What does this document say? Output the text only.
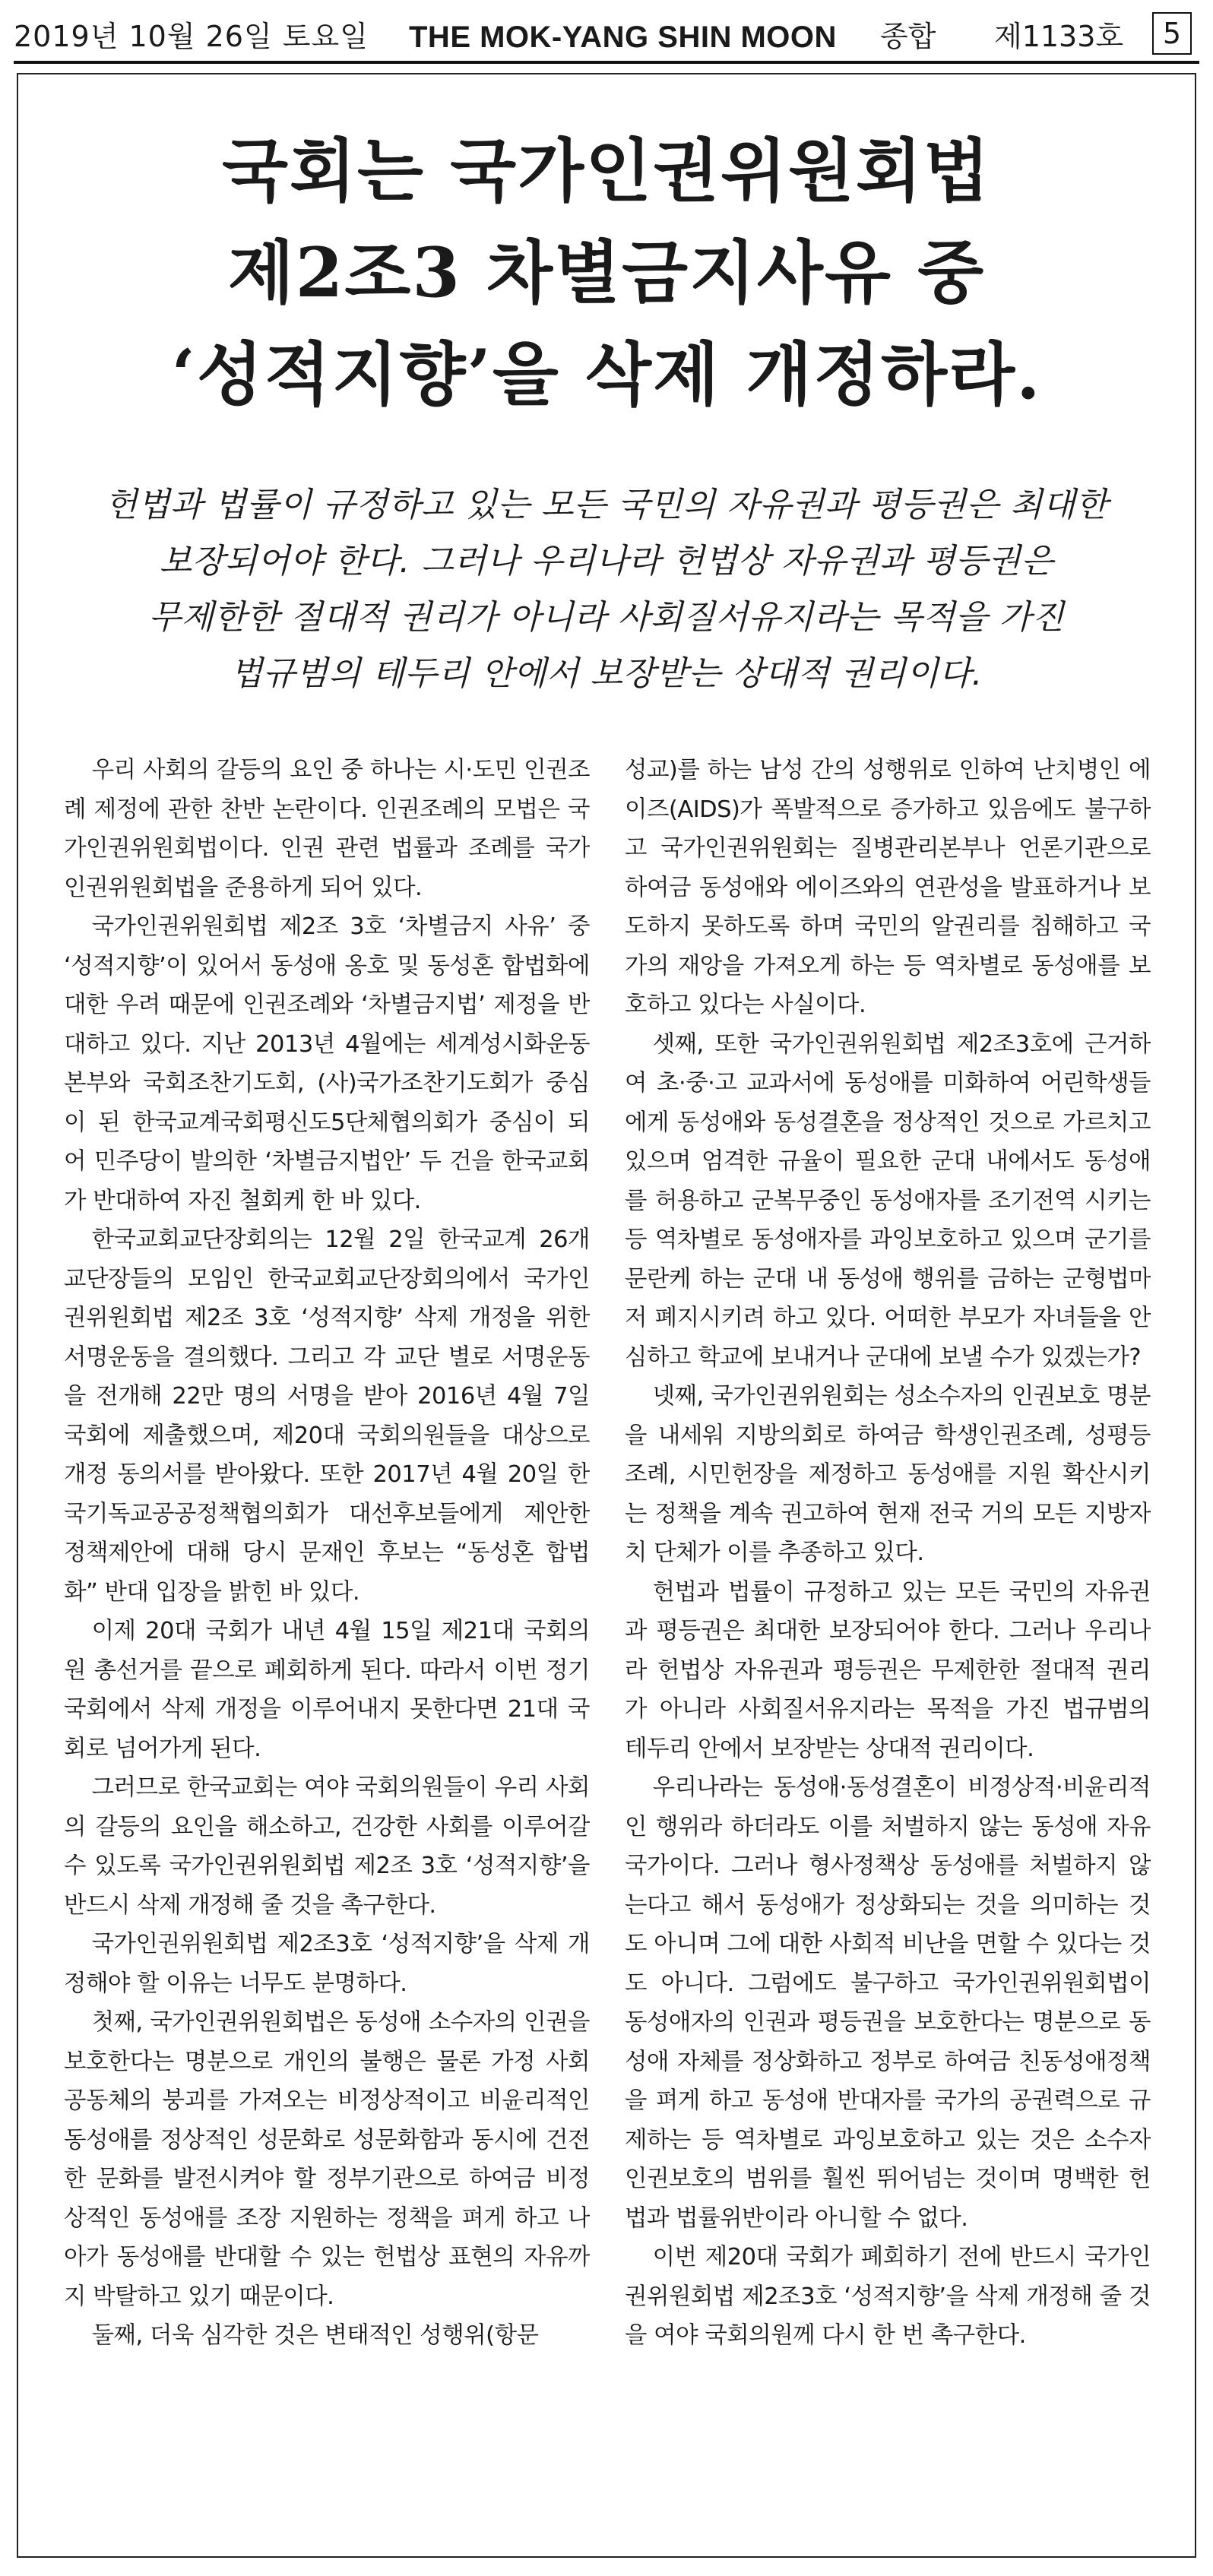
2019년 10월 26일 토요일	THE MOK-YANG SHIN MOON	종합	제1133호	5
국회는 국가인권위원회법
제2조3 차별금지사유 중
‘성적지향’을 삭제 개정하라.
헌법과 법률이 규정하고 있는 모든 국민의 자유권과 평등권은 최대한
보장되어야 한다. 그러나 우리나라 헌법상 자유권과 평등권은
무제한한 절대적 권리가 아니라 사회질서유지라는 목적을 가진
법규범의 테두리 안에서 보장받는 상대적 권리이다.

우리 사회의 갈등의 요인 중 하나는 시·도민 인권조례 제정에 관한 찬반 논란이다. 인권조례의 모법은 국가인권위원회법이다. 인권 관련 법률과 조례를 국가인권위원회법을 준용하게 되어 있다.

국가인권위원회법 제2조 3호 ‘차별금지 사유’ 중 ‘성적지향’이 있어서 동성애 옹호 및 동성혼 합법화에 대한 우려 때문에 인권조례와 ‘차별금지법’ 제정을 반대하고 있다. 지난 2013년 4월에는 세계성시화운동본부와 국회조찬기도회, (사)국가조찬기도회가 중심이 된 한국교계국회평신도5단체협의회가 중심이 되어 민주당이 발의한 ‘차별금지법안’ 두 건을 한국교회가 반대하여 자진 철회케 한 바 있다.

한국교회교단장회의는 12월 2일 한국교계 26개 교단장들의 모임인 한국교회교단장회의에서 국가인권위원회법 제2조 3호 ‘성적지향’ 삭제 개정을 위한 서명운동을 결의했다. 그리고 각 교단 별로 서명운동을 전개해 22만 명의 서명을 받아 2016년 4월 7일 국회에 제출했으며, 제20대 국회의원들을 대상으로 개정 동의서를 받아왔다. 또한 2017년 4월 20일 한국기독교공공정책협의회가 대선후보들에게 제안한 정책제안에 대해 당시 문재인 후보는 “동성혼 합법화” 반대 입장을 밝힌 바 있다.

이제 20대 국회가 내년 4월 15일 제21대 국회의원 총선거를 끝으로 폐회하게 된다. 따라서 이번 정기국회에서 삭제 개정을 이루어내지 못한다면 21대 국회로 넘어가게 된다.

그러므로 한국교회는 여야 국회의원들이 우리 사회의 갈등의 요인을 해소하고, 건강한 사회를 이루어갈 수 있도록 국가인권위원회법 제2조 3호 ‘성적지향’을 반드시 삭제 개정해 줄 것을 촉구한다.

국가인권위원회법 제2조3호 ‘성적지향’을 삭제 개정해야 할 이유는 너무도 분명하다.

첫째, 국가인권위원회법은 동성애 소수자의 인권을 보호한다는 명분으로 개인의 불행은 물론 가정 사회 공동체의 붕괴를 가져오는 비정상적이고 비윤리적인 동성애를 정상적인 성문화로 성문화함과 동시에 건전한 문화를 발전시켜야 할 정부기관으로 하여금 비정상적인 동성애를 조장 지원하는 정책을 펴게 하고 나아가 동성애를 반대할 수 있는 헌법상 표현의 자유까지 박탈하고 있기 때문이다.

둘째, 더욱 심각한 것은 변태적인 성행위(항문

성교)를 하는 남성 간의 성행위로 인하여 난치병인 에이즈(AIDS)가 폭발적으로 증가하고 있음에도 불구하고 국가인권위원회는 질병관리본부나 언론기관으로 하여금 동성애와 에이즈와의 연관성을 발표하거나 보도하지 못하도록 하며 국민의 알권리를 침해하고 국가의 재앙을 가져오게 하는 등 역차별로 동성애를 보호하고 있다는 사실이다.

셋째, 또한 국가인권위원회법 제2조3호에 근거하여 초·중·고 교과서에 동성애를 미화하여 어린학생들에게 동성애와 동성결혼을 정상적인 것으로 가르치고 있으며 엄격한 규율이 필요한 군대 내에서도 동성애를 허용하고 군복무중인 동성애자를 조기전역 시키는 등 역차별로 동성애자를 과잉보호하고 있으며 군기를 문란케 하는 군대 내 동성애 행위를 금하는 군형법마저 폐지시키려 하고 있다. 어떠한 부모가 자녀들을 안심하고 학교에 보내거나 군대에 보낼 수가 있겠는가?

넷째, 국가인권위원회는 성소수자의 인권보호 명분을 내세워 지방의회로 하여금 학생인권조례, 성평등조례, 시민헌장을 제정하고 동성애를 지원 확산시키는 정책을 계속 권고하여 현재 전국 거의 모든 지방자치 단체가 이를 추종하고 있다.

헌법과 법률이 규정하고 있는 모든 국민의 자유권과 평등권은 최대한 보장되어야 한다. 그러나 우리나라 헌법상 자유권과 평등권은 무제한한 절대적 권리가 아니라 사회질서유지라는 목적을 가진 법규범의 테두리 안에서 보장받는 상대적 권리이다.

우리나라는 동성애·동성결혼이 비정상적·비윤리적인 행위라 하더라도 이를 처벌하지 않는 동성애 자유국가이다. 그러나 형사정책상 동성애를 처벌하지 않는다고 해서 동성애가 정상화되는 것을 의미하는 것도 아니며 그에 대한 사회적 비난을 면할 수 있다는 것도 아니다. 그럼에도 불구하고 국가인권위원회법이 동성애자의 인권과 평등권을 보호한다는 명분으로 동성애 자체를 정상화하고 정부로 하여금 친동성애정책을 펴게 하고 동성애 반대자를 국가의 공권력으로 규제하는 등 역차별로 과잉보호하고 있는 것은 소수자 인권보호의 범위를 훨씬 뛰어넘는 것이며 명백한 헌법과 법률위반이라 아니할 수 없다.

이번 제20대 국회가 폐회하기 전에 반드시 국가인권위원회법 제2조3호 ‘성적지향’을 삭제 개정해 줄 것을 여야 국회의원께 다시 한 번 촉구한다.
